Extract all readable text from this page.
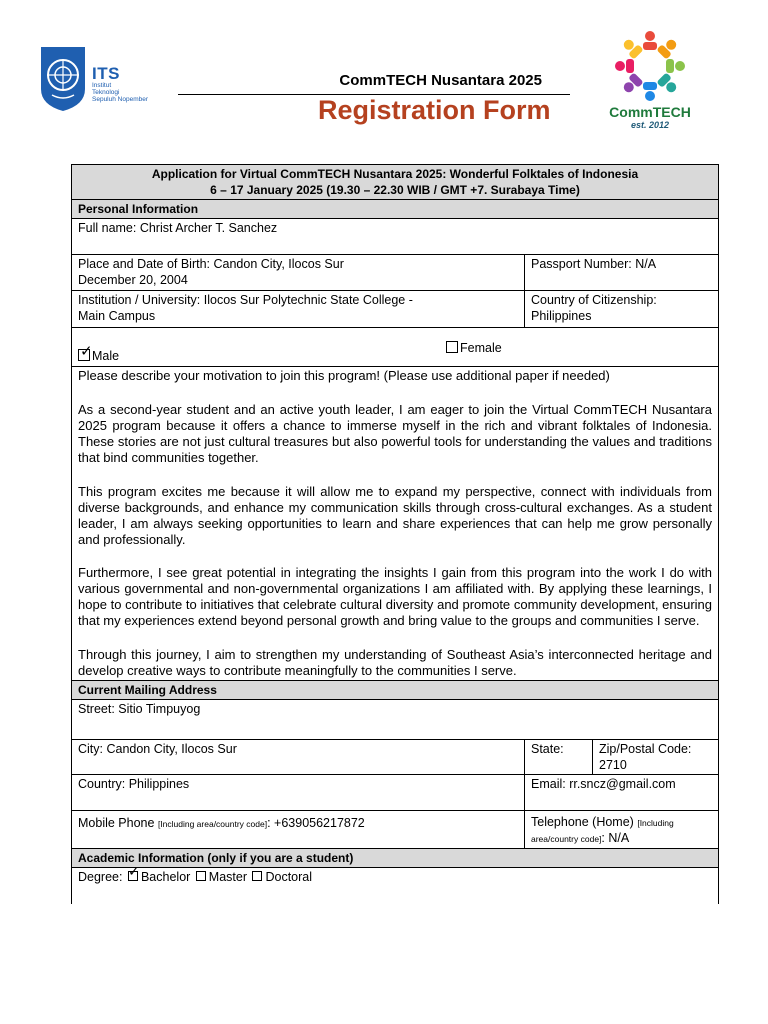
ITS
Institut
Teknologi
Sepuluh Nopember
CommTECH Nusantara 2025
Registration Form	CommTECH
est. 2012
Application for Virtual CommTECH Nusantara 2025: Wonderful Folktales of Indonesia
6 – 17 January 2025 (19.30 – 22.30 WIB / GMT +7. Surabaya Time)		

Personal Information		
Full name: Christ Archer T. Sanchez		

Place and Date of Birth: Candon City, Ilocos Sur
December 20, 2004	Passport Number: N/A	

Institution / University: Ilocos Sur Polytechnic State College -
Main Campus	Country of Citizenship: Philippines	

✓ Male
Female		

Please describe your motivation to join this program! (Please use additional paper if needed)

As a second-year student and an active youth leader, I am eager to join the Virtual CommTECH Nusantara 2025 program because it offers a chance to immerse myself in the rich and vibrant folktales of Indonesia. These stories are not just cultural treasures but also powerful tools for understanding the values and traditions that bind communities together.

This program excites me because it will allow me to expand my perspective, connect with individuals from diverse backgrounds, and enhance my communication skills through cross-cultural exchanges. As a student leader, I am always seeking opportunities to learn and share experiences that can help me grow personally and professionally.

Furthermore, I see great potential in integrating the insights I gain from this program into the work I do with various governmental and non-governmental organizations I am affiliated with. By applying these learnings, I hope to contribute to initiatives that celebrate cultural diversity and promote community development, ensuring that my experiences extend beyond personal growth and bring value to the groups and communities I serve.

Through this journey, I aim to strengthen my understanding of Southeast Asia’s interconnected heritage and develop creative ways to contribute meaningfully to the communities I serve.		

Current Mailing Address		
Street: Sitio Timpuyog		
City: Candon City, Ilocos Sur	State:	Zip/Postal Code:
2710

Country: Philippines	Email: rr.sncz@gmail.com	
Mobile Phone [Including area/country code]: +639056217872	Telephone (Home) [Including
area/country code]: N/A	
Academic Information (only if you are a student)		
Degree: ✓ Bachelor Master Doctoral		
